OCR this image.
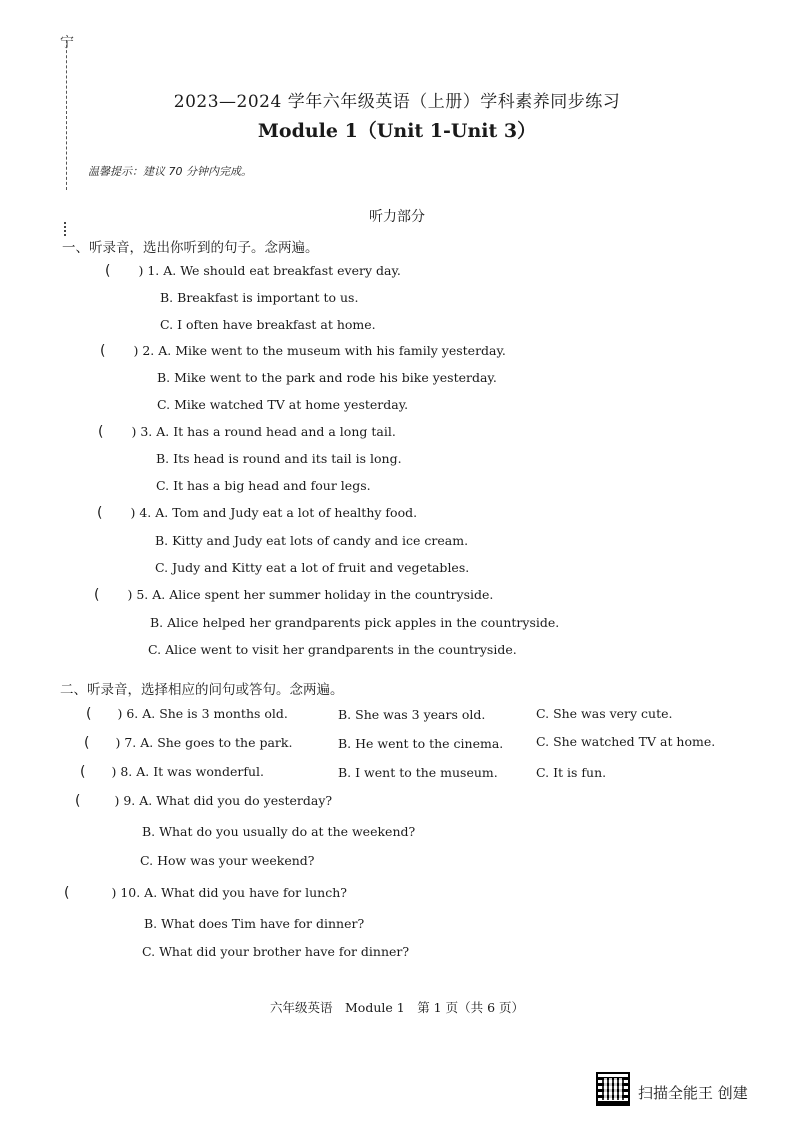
宁
2023—2024 学年六年级英语（上册）学科素养同步练习
Module 1（Unit 1-Unit 3）
温馨提示：建议 70 分钟内完成。
听力部分
一、听录音，选出你听到的句子。念两遍。
( ) 1. A. We should eat breakfast every day.
B. Breakfast is important to us.
C. I often have breakfast at home.
( ) 2. A. Mike went to the museum with his family yesterday.
B. Mike went to the park and rode his bike yesterday.
C. Mike watched TV at home yesterday.
( ) 3. A. It has a round head and a long tail.
B. Its head is round and its tail is long.
C. It has a big head and four legs.
( ) 4. A. Tom and Judy eat a lot of healthy food.
B. Kitty and Judy eat lots of candy and ice cream.
C. Judy and Kitty eat a lot of fruit and vegetables.
( ) 5. A. Alice spent her summer holiday in the countryside.
B. Alice helped her grandparents pick apples in the countryside.
C. Alice went to visit her grandparents in the countryside.
二、听录音，选择相应的问句或答句。念两遍。
( ) 6. A. She is 3 months old.	B. She was 3 years old.	C. She was very cute.
( ) 7. A. She goes to the park.	B. He went to the cinema.	C. She watched TV at home.
( ) 8. A. It was wonderful.	B. I went to the museum.	C. It is fun.
(	) 9. A. What did you do yesterday?
B. What do you usually do at the weekend?
C. How was your weekend?
(	) 10. A. What did you have for lunch?
B. What does Tim have for dinner?
C. What did your brother have for dinner?
六年级英语　Module 1　第 1 页（共 6 页）
扫描全能王 创建
